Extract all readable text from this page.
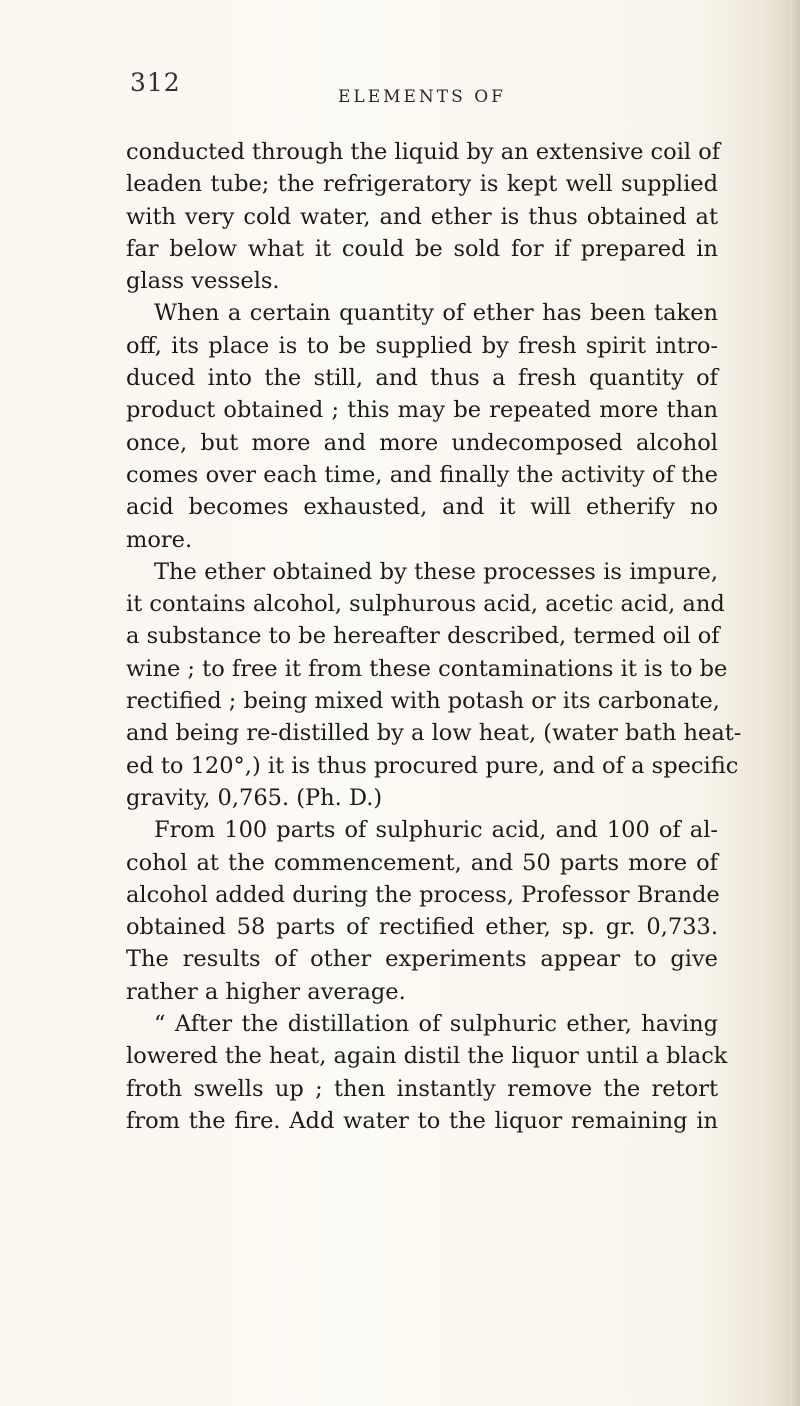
312	ELEMENTS OF
conducted through the liquid by an extensive coil of
leaden tube; the refrigeratory is kept well supplied
with very cold water, and ether is thus obtained at
far below what it could be sold for if prepared in
glass vessels.
When a certain quantity of ether has been taken
off, its place is to be supplied by fresh spirit intro-
duced into the still, and thus a fresh quantity of
product obtained ; this may be repeated more than
once, but more and more undecomposed alcohol
comes over each time, and finally the activity of the
acid becomes exhausted, and it will etherify no
more.
The ether obtained by these processes is impure,
it contains alcohol, sulphurous acid, acetic acid, and
a substance to be hereafter described, termed oil of
wine ; to free it from these contaminations it is to be
rectified ; being mixed with potash or its carbonate,
and being re-distilled by a low heat, (water bath heat-
ed to 120°,) it is thus procured pure, and of a specific
gravity, 0,765. (Ph. D.)
From 100 parts of sulphuric acid, and 100 of al-
cohol at the commencement, and 50 parts more of
alcohol added during the process, Professor Brande
obtained 58 parts of rectified ether, sp. gr. 0,733.
The results of other experiments appear to give
rather a higher average.
“ After the distillation of sulphuric ether, having
lowered the heat, again distil the liquor until a black
froth swells up ; then instantly remove the retort
from the fire. Add water to the liquor remaining in
